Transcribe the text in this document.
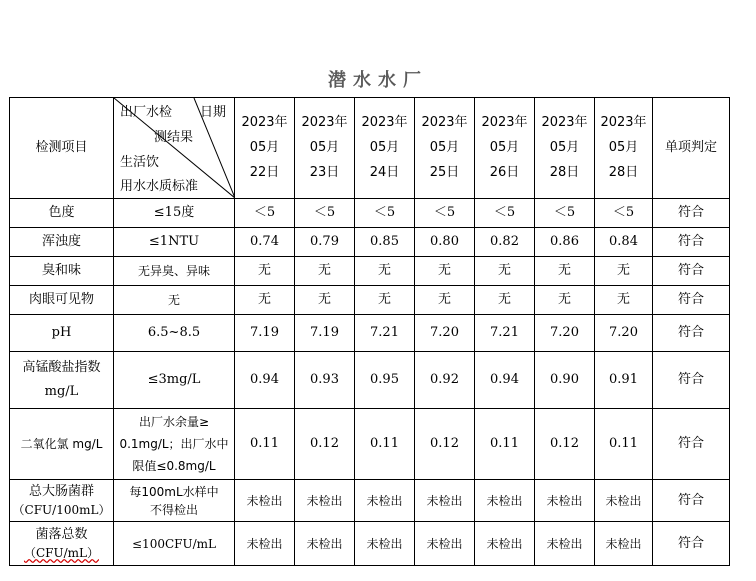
潜水水厂
检测项目	出厂水检 日期
测结果
生活饮
用水水质标准	2023年
05月
22日	2023年
05月
23日	2023年
05月
24日	2023年
05月
25日	2023年
05月
26日	2023年
05月
28日	2023年
05月
28日	单项判定
色度	≤15度	＜5	＜5	＜5	＜5	＜5	＜5	＜5	符合
浑浊度	≤1NTU	0.74	0.79	0.85	0.80	0.82	0.86	0.84	符合
臭和味	无异臭、异味	无	无	无	无	无	无	无	符合
肉眼可见物	无	无	无	无	无	无	无	无	符合
pH	6.5~8.5	7.19	7.19	7.21	7.20	7.21	7.20	7.20	符合

高锰酸盐指数
mg/L	≤3mg/L	0.94	0.93	0.95	0.92	0.94	0.90	0.91	符合
二氧化氯 mg/L	出厂水余量≥
0.1mg/L；出厂水中
限值≤0.8mg/L	0.11	0.12	0.11	0.12	0.11	0.12	0.11	符合

总大肠菌群
（CFU/100mL）	每100mL水样中
不得检出	未检出	未检出	未检出	未检出	未检出	未检出	未检出	符合

菌落总数
（CFU/mL）	≤100CFU/mL	未检出	未检出	未检出	未检出	未检出	未检出	未检出	符合
